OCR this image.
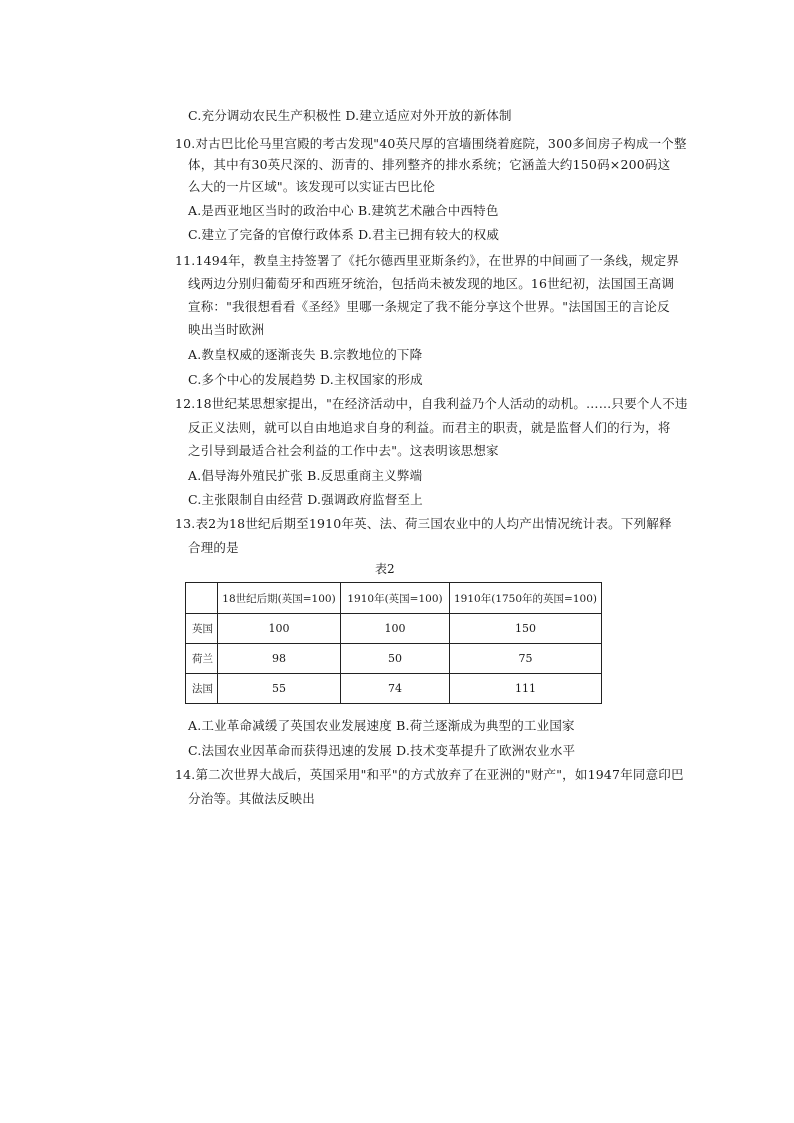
C.充分调动农民生产积极性 D.建立适应对外开放的新体制
10.对古巴比伦马里宫殿的考古发现"40英尺厚的宫墙围绕着庭院，300多间房子构成一个整
体，其中有30英尺深的、沥青的、排列整齐的排水系统；它涵盖大约150码×200码这
么大的一片区域"。该发现可以实证古巴比伦
A.是西亚地区当时的政治中心 B.建筑艺术融合中西特色
C.建立了完备的官僚行政体系 D.君主已拥有较大的权威
11.1494年，教皇主持签署了《托尔德西里亚斯条约》，在世界的中间画了一条线，规定界
线两边分别归葡萄牙和西班牙统治，包括尚未被发现的地区。16世纪初，法国国王高调
宣称："我很想看看《圣经》里哪一条规定了我不能分享这个世界。"法国国王的言论反
映出当时欧洲
A.教皇权威的逐渐丧失 B.宗教地位的下降
C.多个中心的发展趋势 D.主权国家的形成
12.18世纪某思想家提出，"在经济活动中，自我利益乃个人活动的动机。……只要个人不违
反正义法则，就可以自由地追求自身的利益。而君主的职责，就是监督人们的行为，将
之引导到最适合社会利益的工作中去"。这表明该思想家
A.倡导海外殖民扩张 B.反思重商主义弊端
C.主张限制自由经营 D.强调政府监督至上
13.表2为18世纪后期至1910年英、法、荷三国农业中的人均产出情况统计表。下列解释
合理的是
表2
	18世纪后期(英国=100)	1910年(英国=100)	1910年(1750年的英国=100)
英国	100	100	150
荷兰	98	50	75
法国	55	74	111
A.工业革命减缓了英国农业发展速度 B.荷兰逐渐成为典型的工业国家
C.法国农业因革命而获得迅速的发展 D.技术变革提升了欧洲农业水平
14.第二次世界大战后，英国采用"和平"的方式放弃了在亚洲的"财产"，如1947年同意印巴
分治等。其做法反映出
